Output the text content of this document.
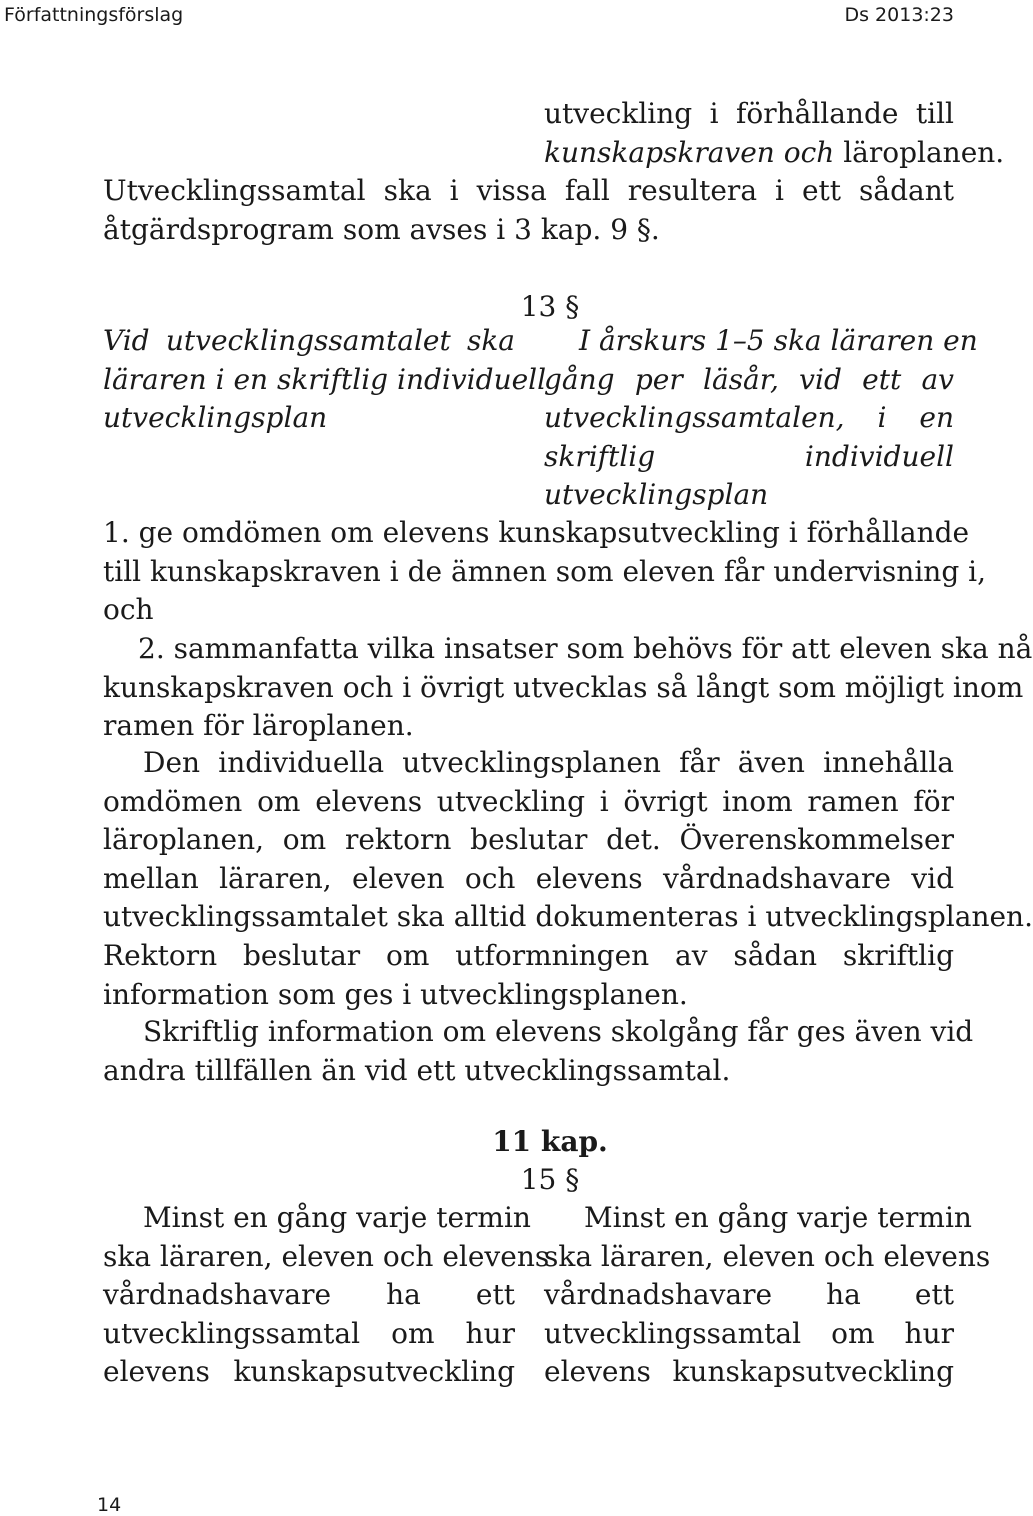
Författningsförslag	Ds 2013:23
utveckling i förhållande till
kunskapskraven och läroplanen.
Utvecklingssamtal ska i vissa fall resultera i ett sådant
åtgärdsprogram som avses i 3 kap. 9 §.
13 §
Vid utvecklingssamtalet ska
läraren i en skriftlig individuell
utvecklingsplan
I årskurs 1–5 ska läraren en
gång per läsår, vid ett av
utvecklingssamtalen, i en
skriftlig individuell
utvecklingsplan
1. ge omdömen om elevens kunskapsutveckling i förhållande
till kunskapskraven i de ämnen som eleven får undervisning i,
och
2. sammanfatta vilka insatser som behövs för att eleven ska nå
kunskapskraven och i övrigt utvecklas så långt som möjligt inom
ramen för läroplanen.
Den individuella utvecklingsplanen får även innehålla
omdömen om elevens utveckling i övrigt inom ramen för
läroplanen, om rektorn beslutar det. Överenskommelser
mellan läraren, eleven och elevens vårdnadshavare vid
utvecklingssamtalet ska alltid dokumenteras i utvecklingsplanen.
Rektorn beslutar om utformningen av sådan skriftlig
information som ges i utvecklingsplanen.
Skriftlig information om elevens skolgång får ges även vid
andra tillfällen än vid ett utvecklingssamtal.
11 kap.
15 §
Minst en gång varje termin
ska läraren, eleven och elevens
vårdnadshavare ha ett
utvecklingssamtal om hur
elevens kunskapsutveckling
Minst en gång varje termin
ska läraren, eleven och elevens
vårdnadshavare ha ett
utvecklingssamtal om hur
elevens kunskapsutveckling
14
